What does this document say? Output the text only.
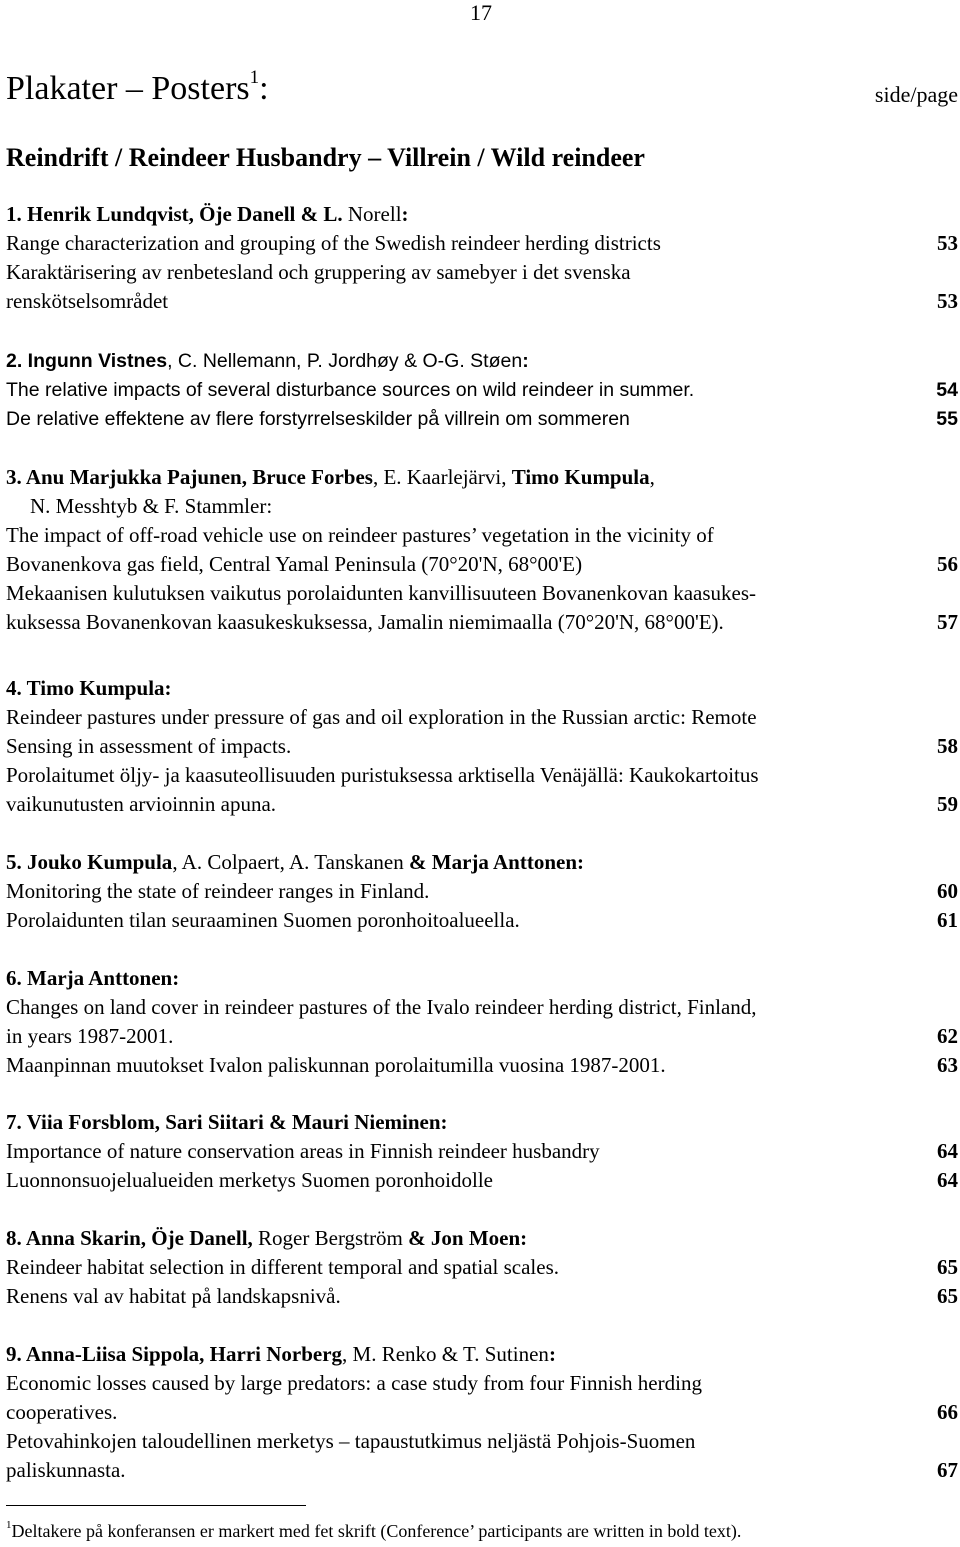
17
Plakater – Posters$^1$:	side/page
Reindrift / Reindeer Husbandry – Villrein / Wild reindeer
1. Henrik Lundqvist, Öje Danell & L. Norell:
Range characterization and grouping of the Swedish reindeer herding districts	53
Karaktärisering av renbetesland och gruppering av samebyer i det svenska
renskötselsområdet	53
2. Ingunn Vistnes, C. Nellemann, P. Jordhøy & O-G. Støen:
The relative impacts of several disturbance sources on wild reindeer in summer.	54
De relative effektene av flere forstyrrelseskilder på villrein om sommeren	55
3. Anu Marjukka Pajunen, Bruce Forbes, E. Kaarlejärvi, Timo Kumpula,
N. Messhtyb & F. Stammler:
The impact of off-road vehicle use on reindeer pastures’ vegetation in the vicinity of
Bovanenkova gas field, Central Yamal Peninsula (70°20'N, 68°00'E)	56
Mekaanisen kulutuksen vaikutus porolaidunten kanvillisuuteen Bovanenkovan kaasukes-
kuksessa Bovanenkovan kaasukeskuksessa, Jamalin niemimaalla (70°20'N, 68°00'E).	57
4. Timo Kumpula:
Reindeer pastures under pressure of gas and oil exploration in the Russian arctic: Remote
Sensing in assessment of impacts.	58
Porolaitumet öljy- ja kaasuteollisuuden puristuksessa arktisella Venäjällä: Kaukokartoitus
vaikunutusten arvioinnin apuna.	59
5. Jouko Kumpula, A. Colpaert, A. Tanskanen & Marja Anttonen:
Monitoring the state of reindeer ranges in Finland.	60
Porolaidunten tilan seuraaminen Suomen poronhoitoalueella.	61
6. Marja Anttonen:
Changes on land cover in reindeer pastures of the Ivalo reindeer herding district, Finland,
in years 1987-2001.	62
Maanpinnan muutokset Ivalon paliskunnan porolaitumilla vuosina 1987-2001.	63
7. Viia Forsblom, Sari Siitari & Mauri Nieminen:
Importance of nature conservation areas in Finnish reindeer husbandry	64
Luonnonsuojelualueiden merketys Suomen poronhoidolle	64
8. Anna Skarin, Öje Danell, Roger Bergström & Jon Moen:
Reindeer habitat selection in different temporal and spatial scales.	65
Renens val av habitat på landskapsnivå.	65
9. Anna-Liisa Sippola, Harri Norberg, M. Renko & T. Sutinen:
Economic losses caused by large predators: a case study from four Finnish herding
cooperatives.	66
Petovahinkojen taloudellinen merketys – tapaustutkimus neljästä Pohjois-Suomen
paliskunnasta.	67
$^1$Deltakere på konferansen er markert med fet skrift (Conference’ participants are written in bold text).
